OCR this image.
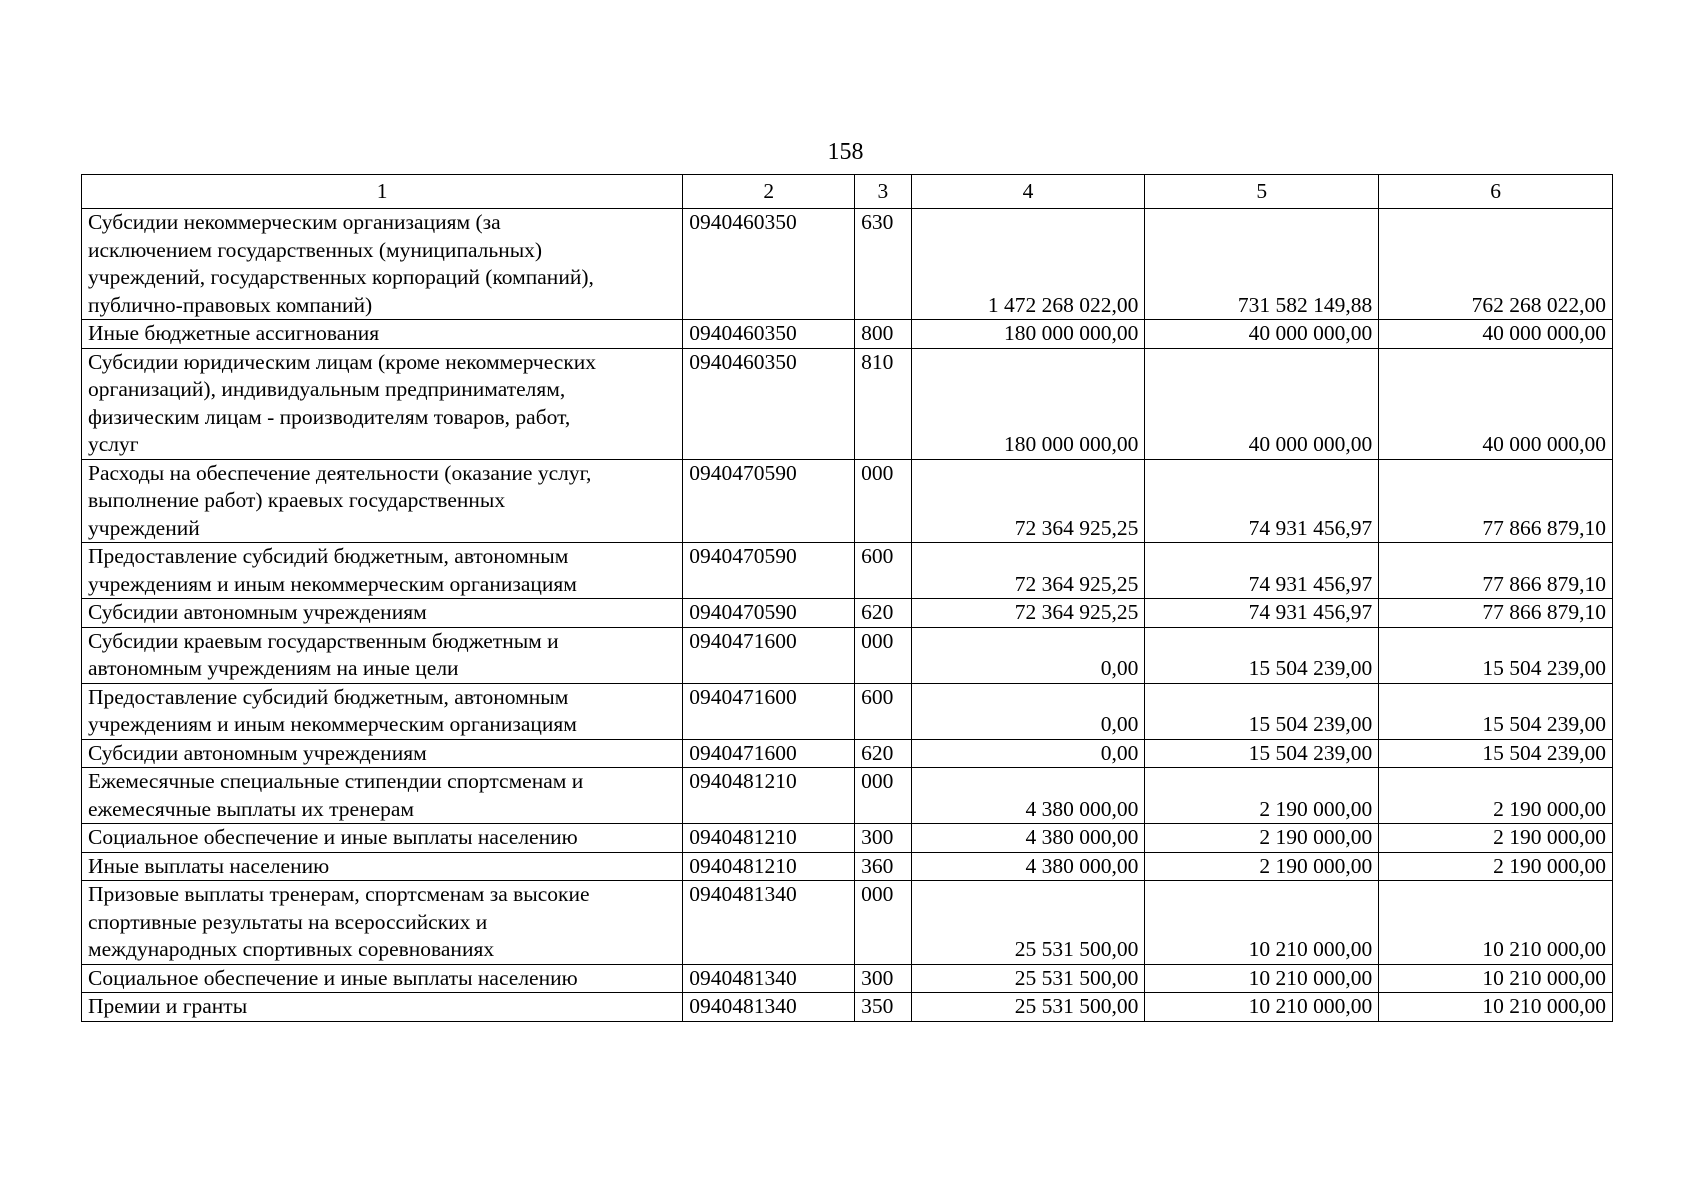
158
1	2	3	4	5	6
Субсидии некоммерческим организациям (за
исключением государственных (муниципальных)
учреждений, государственных корпораций (компаний),
публично-правовых компаний)	0940460350	630	1 472 268 022,00	731 582 149,88	762 268 022,00
Иные бюджетные ассигнования	0940460350	800	180 000 000,00	40 000 000,00	40 000 000,00
Субсидии юридическим лицам (кроме некоммерческих
организаций), индивидуальным предпринимателям,
физическим лицам - производителям товаров, работ,
услуг	0940460350	810	180 000 000,00	40 000 000,00	40 000 000,00
Расходы на обеспечение деятельности (оказание услуг,
выполнение работ) краевых государственных
учреждений	0940470590	000	72 364 925,25	74 931 456,97	77 866 879,10
Предоставление субсидий бюджетным, автономным
учреждениям и иным некоммерческим организациям	0940470590	600	72 364 925,25	74 931 456,97	77 866 879,10
Субсидии автономным учреждениям	0940470590	620	72 364 925,25	74 931 456,97	77 866 879,10
Субсидии краевым государственным бюджетным и
автономным учреждениям на иные цели	0940471600	000	0,00	15 504 239,00	15 504 239,00
Предоставление субсидий бюджетным, автономным
учреждениям и иным некоммерческим организациям	0940471600	600	0,00	15 504 239,00	15 504 239,00
Субсидии автономным учреждениям	0940471600	620	0,00	15 504 239,00	15 504 239,00
Ежемесячные специальные стипендии спортсменам и
ежемесячные выплаты их тренерам	0940481210	000	4 380 000,00	2 190 000,00	2 190 000,00
Социальное обеспечение и иные выплаты населению	0940481210	300	4 380 000,00	2 190 000,00	2 190 000,00
Иные выплаты населению	0940481210	360	4 380 000,00	2 190 000,00	2 190 000,00
Призовые выплаты тренерам, спортсменам за высокие
спортивные результаты на всероссийских и
международных спортивных соревнованиях	0940481340	000	25 531 500,00	10 210 000,00	10 210 000,00
Социальное обеспечение и иные выплаты населению	0940481340	300	25 531 500,00	10 210 000,00	10 210 000,00
Премии и гранты	0940481340	350	25 531 500,00	10 210 000,00	10 210 000,00
